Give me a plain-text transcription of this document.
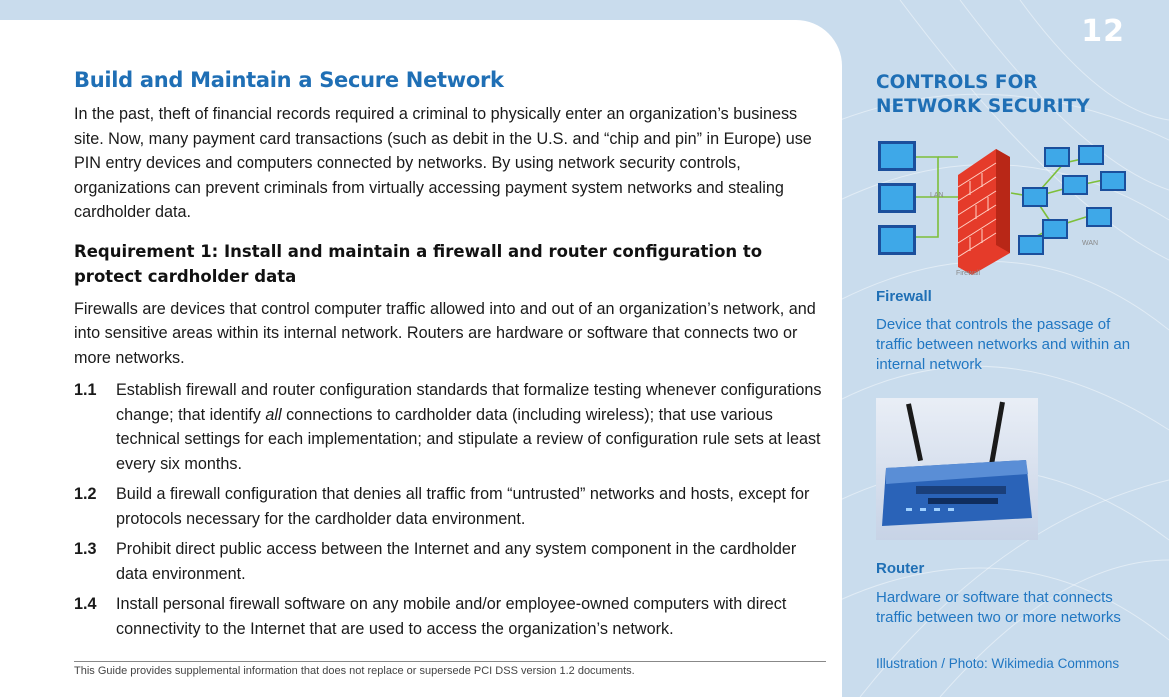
12
Build and Maintain a Secure Network

In the past, theft of financial records required a criminal to physically enter an organization’s business site. Now, many payment card transactions (such as debit in the U.S. and “chip and pin” in Europe) use PIN entry devices and computers connected by networks. By using network security controls, organizations can prevent criminals from virtually accessing payment system networks and stealing cardholder data.

Requirement 1: Install and maintain a firewall and router configuration to protect cardholder data

Firewalls are devices that control computer traffic allowed into and out of an organization’s network, and into sensitive areas within its internal network. Routers are hardware or software that connects two or more networks.

1.1	Establish firewall and router configuration standards that formalize testing whenever configurations change; that identify all connections to cardholder data (including wireless); that use various technical settings for each implementation; and stipulate a review of configuration rule sets at least every six months.
1.2	Build a firewall configuration that denies all traffic from “untrusted” networks and hosts, except for protocols necessary for the cardholder data environment.
1.3	Prohibit direct public access between the Internet and any system component in the cardholder data environment.
1.4	Install personal firewall software on any mobile and/or employee-owned computers with direct connectivity to the Internet that are used to access the organization’s network.
This Guide provides supplemental information that does not replace or supersede PCI DSS version 1.2 documents.
CONTROLS FOR NETWORK SECURITY
LAN
WAN
Firewall
Firewall
Device that controls the passage of traffic between networks and within an internal network
Router
Hardware or software that connects traffic between two or more networks
Illustration / Photo: Wikimedia Commons
